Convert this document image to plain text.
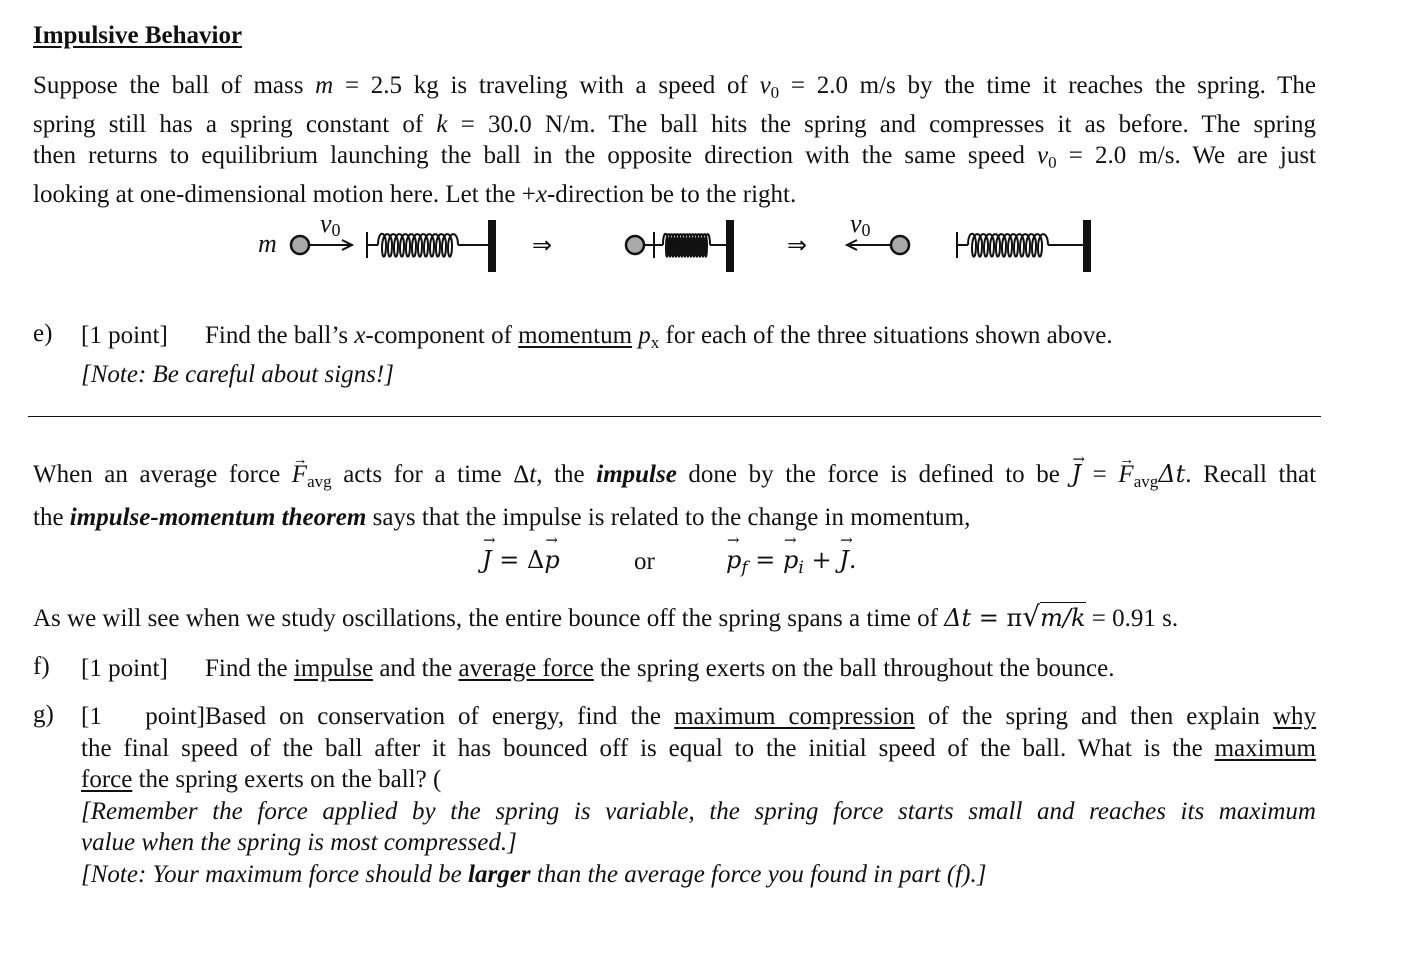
Impulsive Behavior
Suppose the ball of mass m = 2.5 kg is traveling with a speed of $v_0 = 2.0$ m/s by the time it reaches the spring. The
spring still has a spring constant of k = 30.0 N/m. The ball hits the spring and compresses it as before. The spring
then returns to equilibrium launching the ball in the opposite direction with the same speed $v_0 = 2.0$ m/s. We are just
looking at one-dimensional motion here. Let the +x-direction be to the right.
m
v0
⇒	⇒
v0
e) [1 point] Find the ball’s x-component of momentum $p_x$ for each of the three situations shown above.
[Note: Be careful about signs!]
When an average force → $F_{avg}$ acts for a time Δt, the impulse done by the force is defined to be → J = → $F_{avg}\Delta t$. Recall that
the impulse-momentum theorem says that the impulse is related to the change in momentum,
→ J = Δ→ p	or
→	$p_f$ = → $p_i$ + → J.
As we will see when we study oscillations, the entire bounce off the spring spans a time of Δt = π√m/k = 0.91 s.
f) [1 point] Find the impulse and the average force the spring exerts on the ball throughout the bounce.
g) [1 point]Based on conservation of energy, find the maximum compression of the spring and then explain why
the final speed of the ball after it has bounced off is equal to the initial speed of the ball. What is the maximum
force the spring exerts on the ball? (
[Remember the force applied by the spring is variable, the spring force starts small and reaches its maximum
value when the spring is most compressed.]
[Note: Your maximum force should be larger than the average force you found in part (f).]
